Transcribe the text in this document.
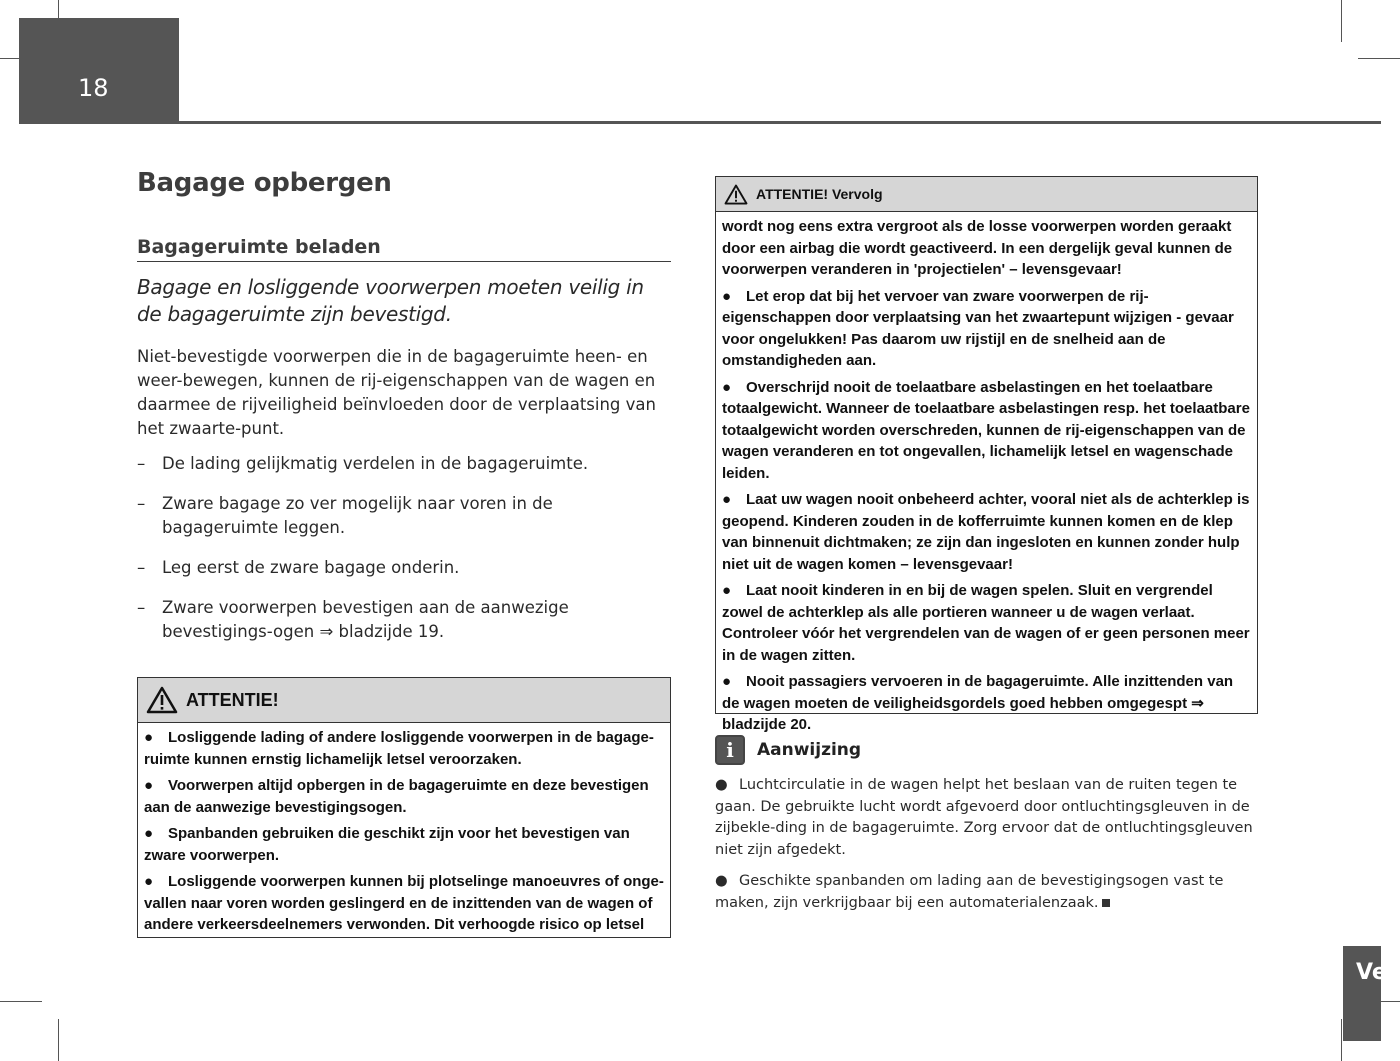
18
Bagage opbergen
Bagageruimte beladen

Bagage en losliggende voorwerpen moeten veilig in de bagageruimte zijn bevestigd.

Niet-bevestigde voorwerpen die in de bagageruimte heen- en weer-bewegen, kunnen de rij-eigenschappen van de wagen en daarmee de rijveiligheid beïnvloeden door de verplaatsing van het zwaarte-punt.

– De lading gelijkmatig verdelen in de bagageruimte.
– Zware bagage zo ver mogelijk naar voren in de bagageruimte leggen.
– Leg eerst de zware bagage onderin.
– Zware voorwerpen bevestigen aan de aanwezige bevestigings-ogen ⇒ bladzijde 19.
ATTENTIE!

● Losliggende lading of andere losliggende voorwerpen in de bagage-ruimte kunnen ernstig lichamelijk letsel veroorzaken.

● Voorwerpen altijd opbergen in de bagageruimte en deze bevestigen aan de aanwezige bevestigingsogen.

● Spanbanden gebruiken die geschikt zijn voor het bevestigen van zware voorwerpen.

● Losliggende voorwerpen kunnen bij plotselinge manoeuvres of onge-vallen naar voren worden geslingerd en de inzittenden van de wagen of andere verkeersdeelnemers verwonden. Dit verhoogde risico op letsel

ATTENTIE! Vervolg

wordt nog eens extra vergroot als de losse voorwerpen worden geraakt door een airbag die wordt geactiveerd. In een dergelijk geval kunnen de voorwerpen veranderen in 'projectielen' – levensgevaar!

● Let erop dat bij het vervoer van zware voorwerpen de rij-eigenschappen door verplaatsing van het zwaartepunt wijzigen - gevaar voor ongelukken! Pas daarom uw rijstijl en de snelheid aan de omstandigheden aan.

● Overschrijd nooit de toelaatbare asbelastingen en het toelaatbare totaalgewicht. Wanneer de toelaatbare asbelastingen resp. het toelaatbare totaalgewicht worden overschreden, kunnen de rij-eigenschappen van de wagen veranderen en tot ongevallen, lichamelijk letsel en wagenschade leiden.

● Laat uw wagen nooit onbeheerd achter, vooral niet als de achterklep is geopend. Kinderen zouden in de kofferruimte kunnen komen en de klep van binnenuit dichtmaken; ze zijn dan ingesloten en kunnen zonder hulp niet uit de wagen komen – levensgevaar!

● Laat nooit kinderen in en bij de wagen spelen. Sluit en vergrendel zowel de achterklep als alle portieren wanneer u de wagen verlaat. Controleer vóór het vergrendelen van de wagen of er geen personen meer in de wagen zitten.

● Nooit passagiers vervoeren in de bagageruimte. Alle inzittenden van de wagen moeten de veiligheidsgordels goed hebben omgegespt ⇒ bladzijde 20.

i	Aanwijzing

● Luchtcirculatie in de wagen helpt het beslaan van de ruiten tegen te gaan. De gebruikte lucht wordt afgevoerd door ontluchtingsgleuven in de zijbekle-ding in de bagageruimte. Zorg ervoor dat de ontluchtingsgleuven niet zijn afgedekt.

● Geschikte spanbanden om lading aan de bevestigingsogen vast te maken, zijn verkrijgbaar bij een automaterialenzaak.

Ve
